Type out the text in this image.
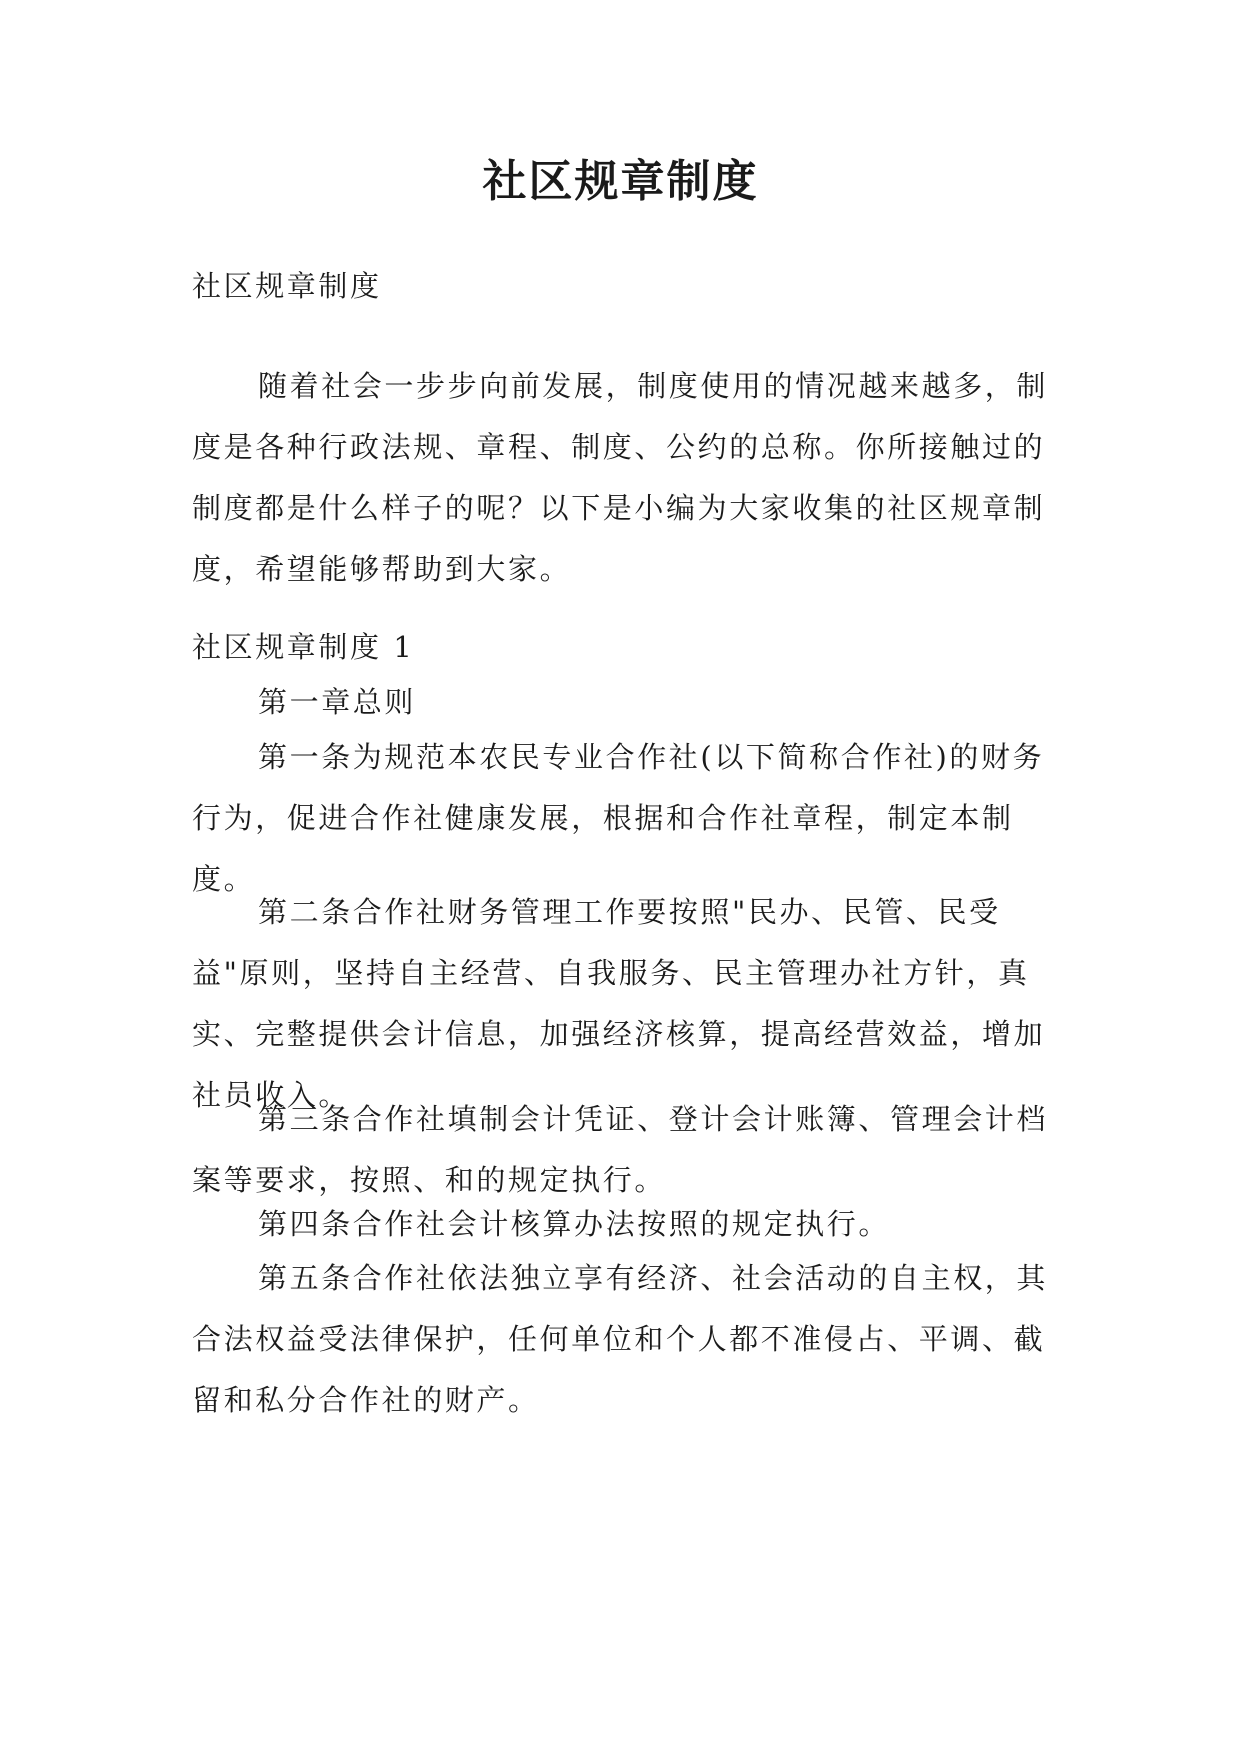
社区规章制度

社区规章制度

随着社会一步步向前发展，制度使用的情况越来越多，制度是各种行政法规、章程、制度、公约的总称。你所接触过的制度都是什么样子的呢？以下是小编为大家收集的社区规章制度，希望能够帮助到大家。

社区规章制度 1

第一章总则

第一条为规范本农民专业合作社(以下简称合作社)的财务行为，促进合作社健康发展，根据和合作社章程，制定本制度。

第二条合作社财务管理工作要按照"民办、民管、民受益"原则，坚持自主经营、自我服务、民主管理办社方针，真实、完整提供会计信息，加强经济核算，提高经营效益，增加社员收入。

第三条合作社填制会计凭证、登计会计账簿、管理会计档案等要求，按照、和的规定执行。

第四条合作社会计核算办法按照的规定执行。

第五条合作社依法独立享有经济、社会活动的自主权，其合法权益受法律保护，任何单位和个人都不准侵占、平调、截留和私分合作社的财产。
